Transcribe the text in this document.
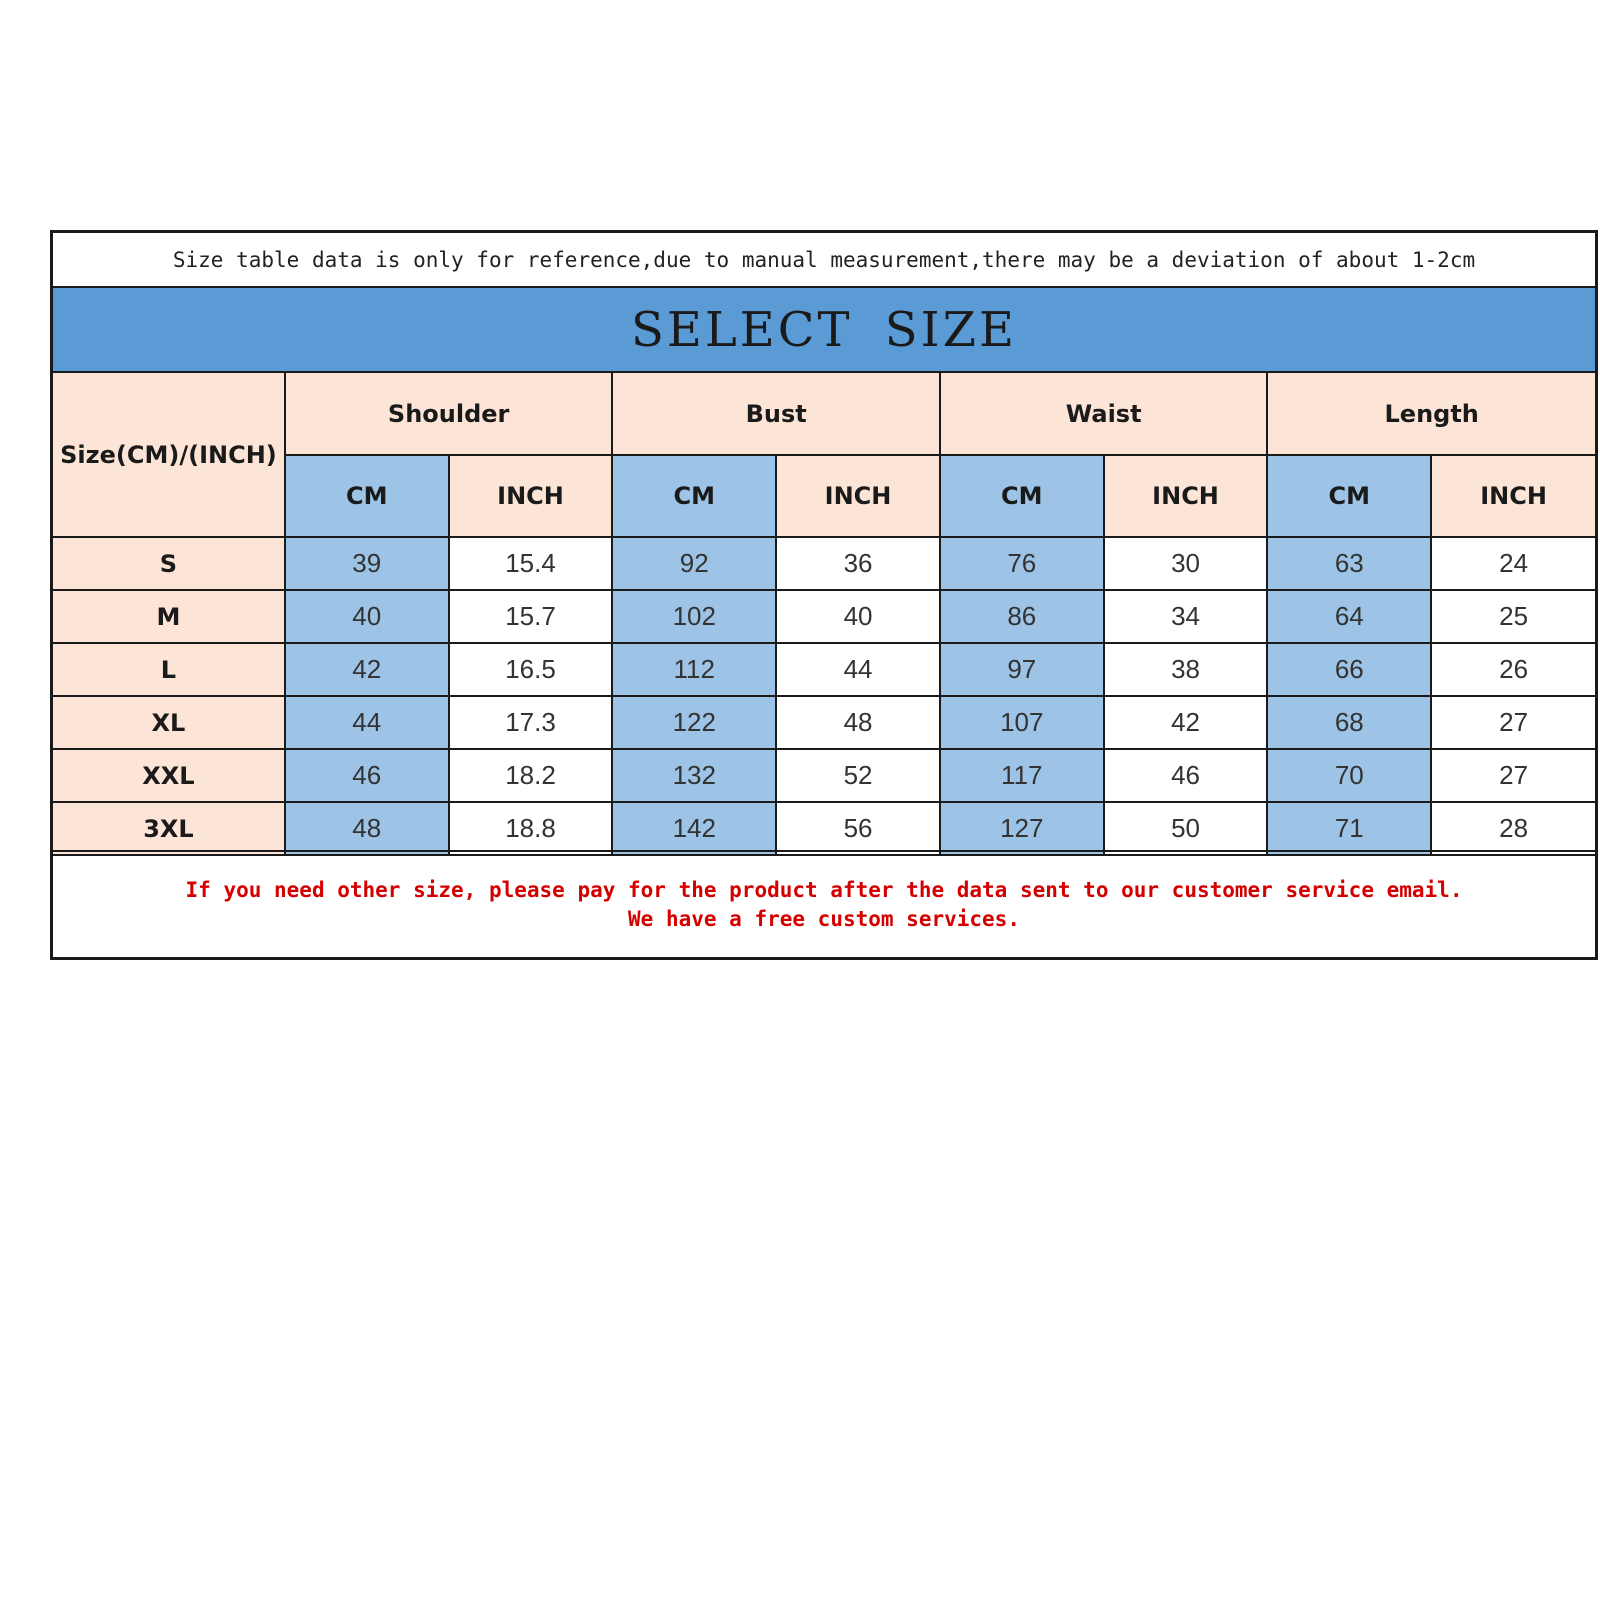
Size table data is only for reference,due to manual measurement,there may be a deviation of about 1-2cm
SELECT SIZE
Size(CM)/(INCH)	Shoulder		Bust		Waist		Length	
	CM	INCH	CM	INCH	CM	INCH	CM	INCH
S	39	15.4	92	36	76	30	63	24
M	40	15.7	102	40	86	34	64	25
L	42	16.5	112	44	97	38	66	26
XL	44	17.3	122	48	107	42	68	27
XXL	46	18.2	132	52	117	46	70	27
3XL	48	18.8	142	56	127	50	71	28
If you need other size, please pay for the product after the data sent to our customer service email.
We have a free custom services.
